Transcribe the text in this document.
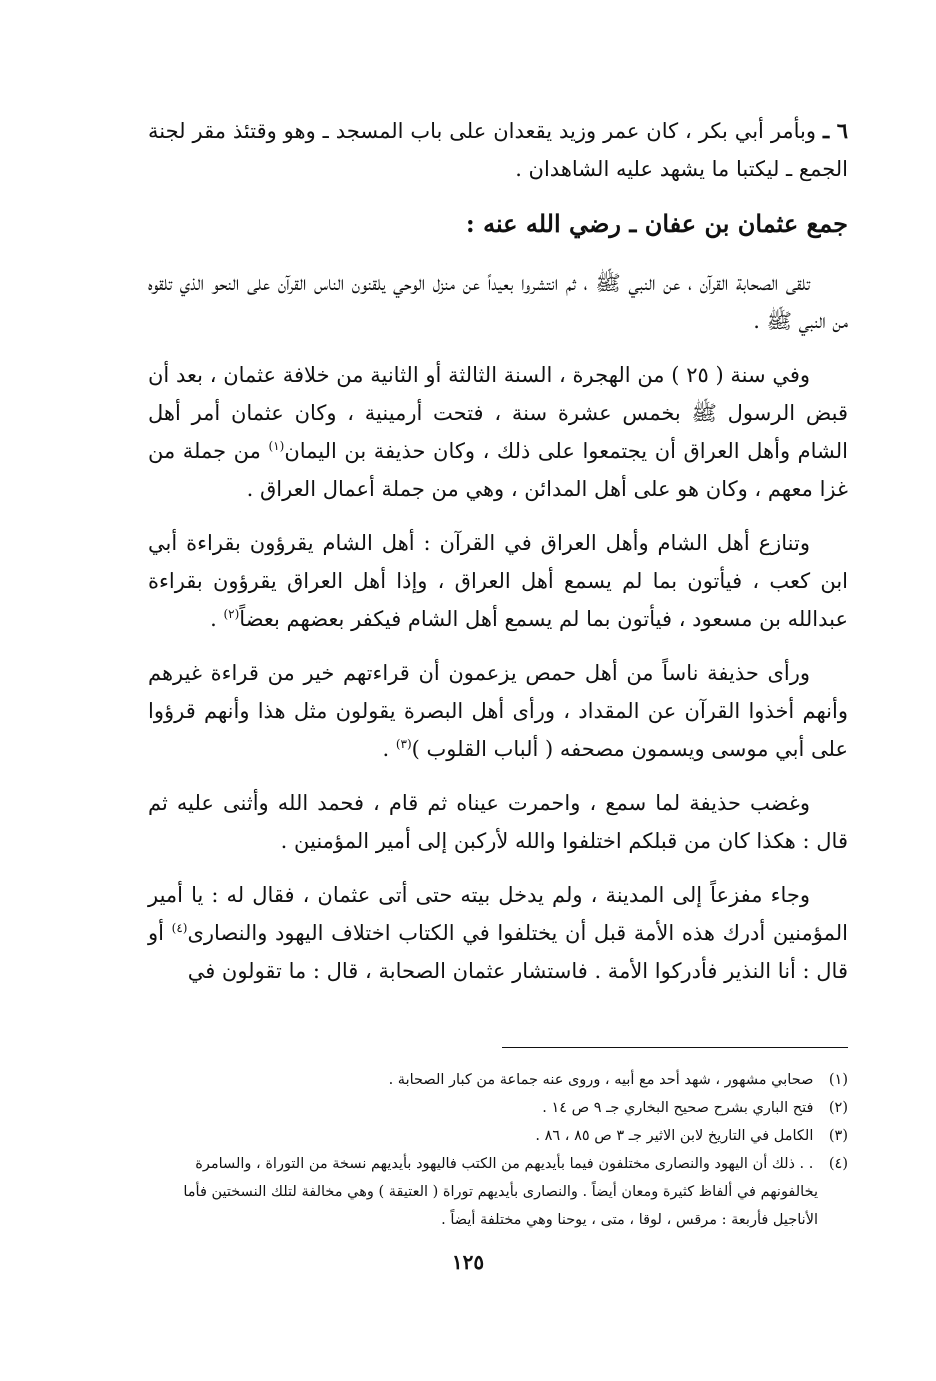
٦ ـ وبأمر أبي بكر ، كان عمر وزيد يقعدان على باب المسجد ـ وهو وقتئذ مقر لجنة الجمع ـ ليكتبا ما يشهد عليه الشاهدان .

جمع عثمان بن عفان ـ رضي الله عنه :

تلقى الصحابة القرآن ، عن النبي ﷺ ، ثم انتشروا بعيداً عن منزل الوحي يلقنون الناس القرآن على النحو الذي تلقوه من النبي ﷺ .

وفي سنة ( ٢٥ ) من الهجرة ، السنة الثالثة أو الثانية من خلافة عثمان ، بعد أن قبض الرسول ﷺ بخمس عشرة سنة ، فتحت أرمينية ، وكان عثمان أمر أهل الشام وأهل العراق أن يجتمعوا على ذلك ، وكان حذيفة بن اليمان$^{(١)}$ من جملة من غزا معهم ، وكان هو على أهل المدائن ، وهي من جملة أعمال العراق .

وتنازع أهل الشام وأهل العراق في القرآن : أهل الشام يقرؤون بقراءة أبي ابن كعب ، فيأتون بما لم يسمع أهل العراق ، وإذا أهل العراق يقرؤون بقراءة عبدالله بن مسعود ، فيأتون بما لم يسمع أهل الشام فيكفر بعضهم بعضاً$^{(٢)}$ .

ورأى حذيفة ناساً من أهل حمص يزعمون أن قراءتهم خير من قراءة غيرهم وأنهم أخذوا القرآن عن المقداد ، ورأى أهل البصرة يقولون مثل هذا وأنهم قرؤوا على أبي موسى ويسمون مصحفه ( ألباب القلوب )$^{(٣)}$ .

وغضب حذيفة لما سمع ، واحمرت عيناه ثم قام ، فحمد الله وأثنى عليه ثم قال : هكذا كان من قبلكم اختلفوا والله لأركبن إلى أمير المؤمنين .

وجاء مفزعاً إلى المدينة ، ولم يدخل بيته حتى أتى عثمان ، فقال له : يا أمير المؤمنين أدرك هذه الأمة قبل أن يختلفوا في الكتاب اختلاف اليهود والنصارى$^{(٤)}$ أو قال : أنا النذير فأدركوا الأمة . فاستشار عثمان الصحابة ، قال : ما تقولون في

(١) صحابي مشهور ، شهد أحد مع أبيه ، وروى عنه جماعة من كبار الصحابة .

(٢) فتح الباري بشرح صحيح البخاري جـ ٩ ص ١٤ .

(٣) الكامل في التاريخ لابن الاثير جـ ٣ ص ٨٥ ، ٨٦ .

(٤) . . ذلك أن اليهود والنصارى مختلفون فيما بأيديهم من الكتب فاليهود بأيديهم نسخة من التوراة ، والسامرة

يخالفونهم في ألفاظ كثيرة ومعان أيضاً . والنصارى بأيديهم توراة ( العتيقة ) وهي مخالفة لتلك النسختين فأما الأناجيل فأربعة : مرقس ، لوقا ، متى ، يوحنا وهي مختلفة أيضاً .

١٢٥
